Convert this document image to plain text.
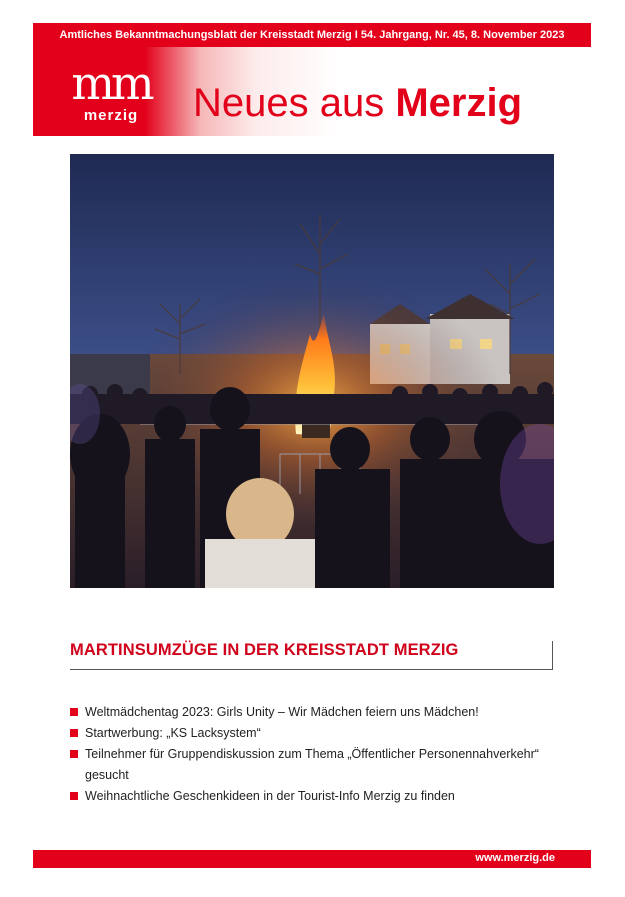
Amtliches Bekanntmachungsblatt der Kreisstadt Merzig I 54. Jahrgang, Nr. 45, 8. November 2023
mm
merzig	Neues aus Merzig
MARTINSUMZÜGE IN DER KREISSTADT MERZIG
Weltmädchentag 2023: Girls Unity – Wir Mädchen feiern uns Mädchen!
Startwerbung: „KS Lacksystem“
Teilnehmer für Gruppendiskussion zum Thema „Öffentlicher Personennahverkehr“ gesucht
Weihnachtliche Geschenkideen in der Tourist-Info Merzig zu finden
www.merzig.de
